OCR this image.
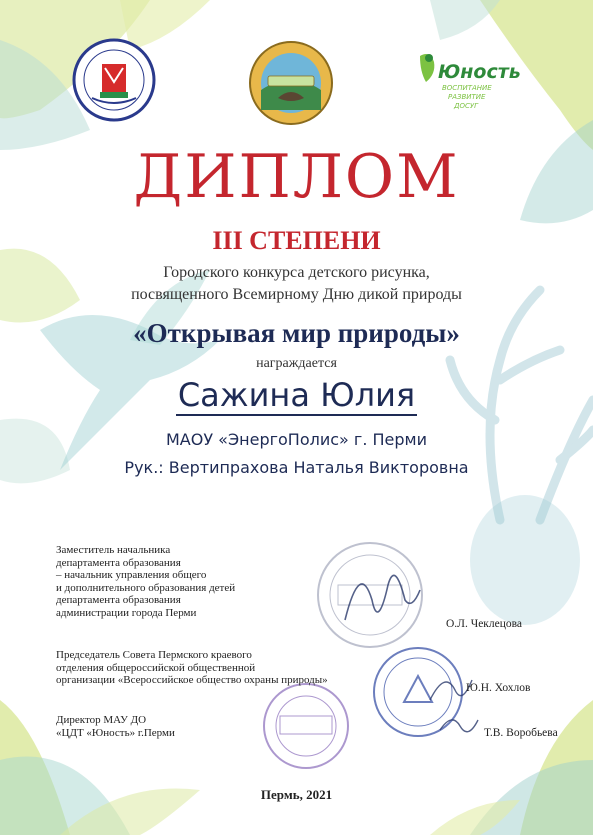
Юность
ВОСПИТАНИЕ
РАЗВИТИЕ
ДОСУГ
ДИПЛОМ
III СТЕПЕНИ
Городского конкурса детского рисунка,
посвященного Всемирному Дню дикой природы
«Открывая мир природы»
награждается
Сажина Юлия
МАОУ «ЭнергоПолис» г. Перми
Рук.: Вертипрахова Наталья Викторовна
Заместитель начальника
департамента образования
– начальник управления общего
и дополнительного образования детей
департамента образования
администрации города Перми
О.Л. Чеклецова
Председатель Совета Пермского краевого
отделения общероссийской общественной
организации «Всероссийское общество охраны природы»
Ю.Н. Хохлов
Директор МАУ ДО
«ЦДТ «Юность» г.Перми	Т.В. Воробьева
Пермь, 2021
